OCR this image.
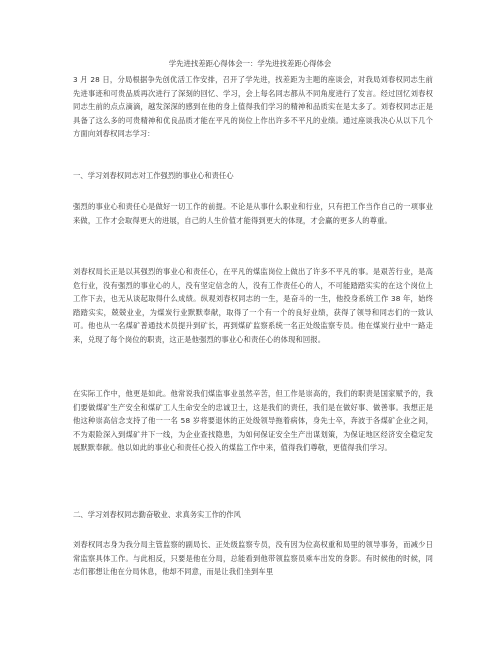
学先进找差距心得体会一：学先进找差距心得体会

3 月 28 日，分局根据争先创优活工作安排，召开了学先进，找差距为主题的座谈会，对我局刘春权同志生前先进事迹和可贵品质再次进行了深刻的回忆、学习，会上每名同志都从不同角度进行了发言。经过回忆刘春权同志生前的点点滴滴，越发深深的感到在他的身上值得我们学习的精神和品质实在是太多了。刘春权同志正是具备了这么多的可贵精神和优良品质才能在平凡的岗位上作出许多不平凡的业绩。通过座谈我决心从以下几个方面向刘春权同志学习：

一、学习刘春权同志对工作强烈的事业心和责任心

强烈的事业心和责任心是做好一切工作的前提。不论是从事什么职业和行业，只有把工作当作自己的一项事业来做，工作才会取得更大的进展，自己的人生价值才能得到更大的体现，才会赢的更多人的尊重。

刘春权局长正是以其强烈的事业心和责任心，在平凡的煤监岗位上做出了许多不平凡的事。是艰苦行业，是高危行业，没有强烈的事业心的人，没有坚定信念的人，没有工作责任心的人，不可能踏踏实实的在这个岗位上工作下去，也无从谈起取得什么成绩。纵观刘春权同志的一生，是奋斗的一生，他投身系统工作 38 年，始终踏踏实实，兢兢业业，为煤炭行业默默奉献，取得了一个有一个的良好业绩，获得了领导和同志们的一致认可。他也从一名煤矿普通技术员提升到矿长，再到煤矿监察系统一名正处级监察专员。他在煤炭行业中一路走来，兑现了每个岗位的职责，这正是他强烈的事业心和责任心的体现和回报。

在实际工作中，他更是如此。他常说我们煤监事业虽然辛苦，但工作是崇高的，我们的职责是国家赋予的，我们要做煤矿生产安全和煤矿工人生命安全的忠诚卫士，这是我们的责任，我们是在做好事、做善事。我想正是他这种崇高信念支持了他一一名 58 岁将要退休的正处级领导拖着病体，身先士卒，奔波于各煤矿企业之间，不为艰险深入到煤矿井下一线，为企业查找隐患，为如何保证安全生产出谋划策，为保证地区经济安全稳定发展默默奉献。他以如此的事业心和责任心投入的煤监工作中来，值得我们尊敬，更值得我们学习。

二、学习刘春权同志勤奋敬业、求真务实工作的作风

刘春权同志身为我分局主管监察的副局长、正处级监察专员，没有因为位高权重和局里的领导事务，而减少日常监察具体工作。与此相反，只要是他在分局，总能看到他带领监察员乘车出发的身影。有时候他的时候，同志们都想让他在分局休息，他却不同意，而是让我们坐到车里
